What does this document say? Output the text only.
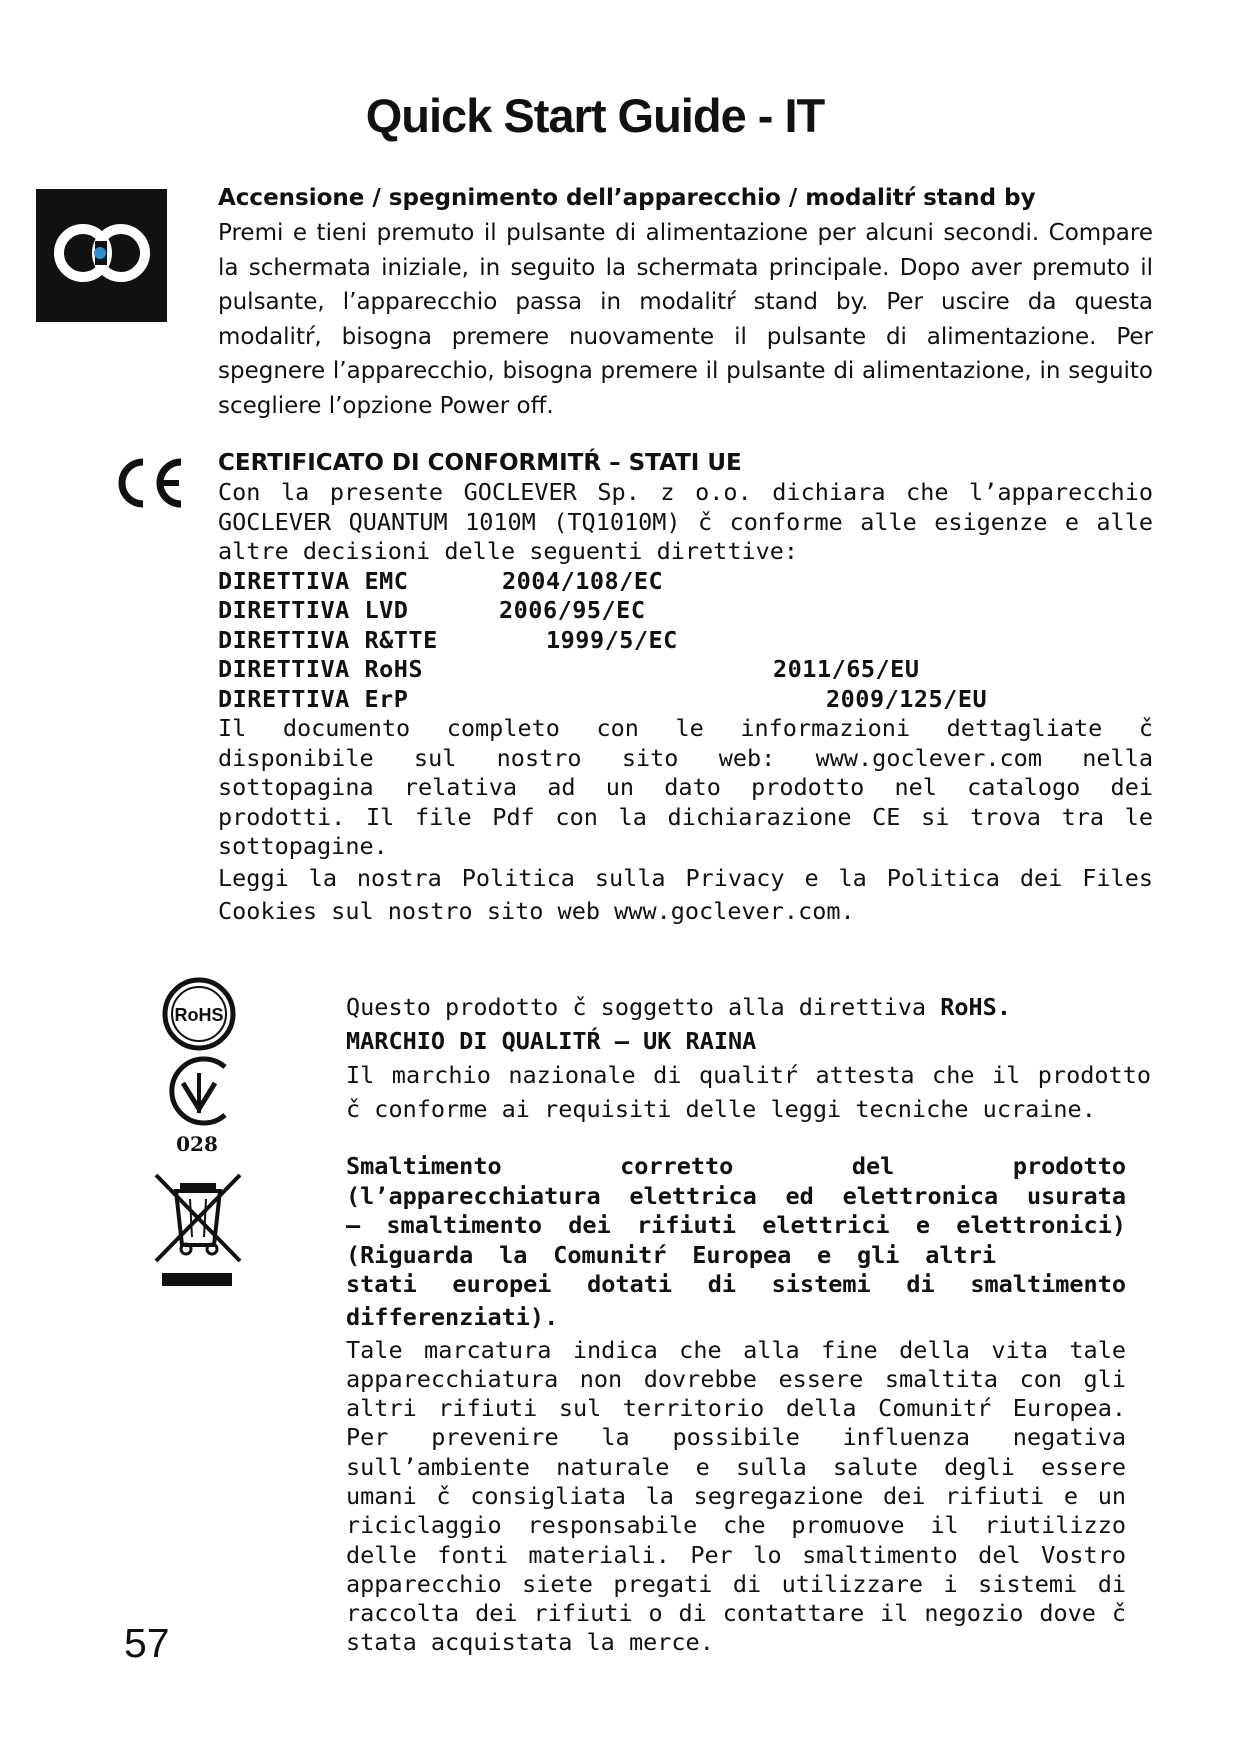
Quick Start Guide - IT
Accensione / spegnimento dell’apparecchio / modalitŕ stand by
Premi e tieni premuto il pulsante di alimentazione per alcuni secondi. Compare la schermata iniziale, in seguito la schermata principale. Dopo aver premuto il pulsante, l’apparecchio passa in modalitŕ stand by. Per uscire da questa modalitŕ, bisogna premere nuovamente il pulsante di alimentazione. Per spegnere l’apparecchio, bisogna premere il pulsante di alimentazione, in seguito scegliere l’opzione Power off.
CERTIFICATO DI CONFORMITŔ – STATI UE
Con la presente GOCLEVER Sp. z o.o. dichiara che l’apparecchio GOCLEVER QUANTUM 1010M (TQ1010M) č conforme alle esigenze e alle altre decisioni delle seguenti direttive:
DIRETTIVA EMC	2004/108/EC
DIRETTIVA LVD	2006/95/EC
DIRETTIVA R&TTE	1999/5/EC
DIRETTIVA RoHS	2011/65/EU
DIRETTIVA ErP	2009/125/EU
Il documento completo con le informazioni dettagliate č disponibile sul nostro sito web: www.goclever.com nella sottopagina relativa ad un dato prodotto nel catalogo dei prodotti. Il file Pdf con la dichiarazione CE si trova tra le sottopagine.
Leggi la nostra Politica sulla Privacy e la Politica dei Files Cookies sul nostro sito web www.goclever.com.
RoHS
028
Questo prodotto č soggetto alla direttiva RoHS.
MARCHIO DI QUALITŔ – UK RAINA
Il marchio nazionale di qualitŕ attesta che il prodotto č conforme ai requisiti delle leggi tecniche ucraine.
Smaltimento corretto del prodotto
(l’apparecchiatura elettrica ed elettronica usurata
– smaltimento dei rifiuti elettrici e elettronici)
(Riguarda la Comunitŕ Europea e gli altri
stati europei dotati di sistemi di smaltimento
differenziati).
Tale marcatura indica che alla fine della vita tale apparecchiatura non dovrebbe essere smaltita con gli altri rifiuti sul territorio della Comunitŕ Europea. Per prevenire la possibile influenza negativa sull’ambiente naturale e sulla salute degli essere umani č consigliata la segregazione dei rifiuti e un riciclaggio responsabile che promuove il riutilizzo delle fonti materiali. Per lo smaltimento del Vostro apparecchio siete pregati di utilizzare i sistemi di raccolta dei rifiuti o di contattare il negozio dove č stata acquistata la merce.
57
